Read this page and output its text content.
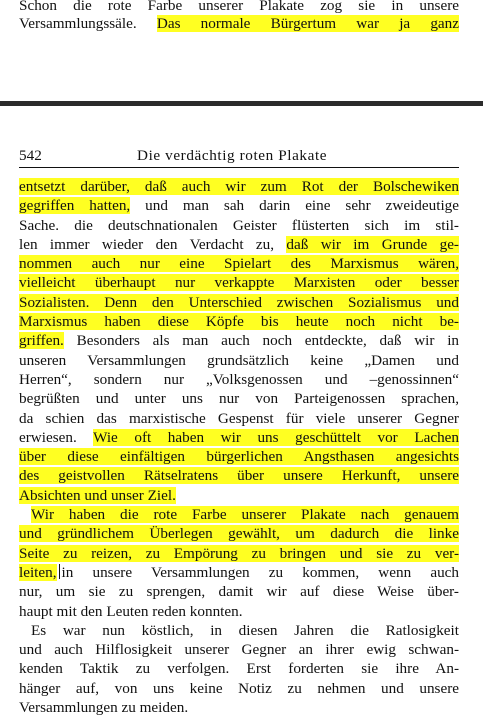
Schon die rote Farbe unserer Plakate zog sie in unsere
Versammlungssäle. Das normale Bürgertum war ja ganz
542	Die verdächtig roten Plakate
entsetzt darüber, daß auch wir zum Rot der Bolschewiken
gegriffen hatten, und man sah darin eine sehr zweideutige
Sache. die deutschnationalen Geister flüsterten sich im stil-
len immer wieder den Verdacht zu, daß wir im Grunde ge-
nommen auch nur eine Spielart des Marxismus wären,
vielleicht überhaupt nur verkappte Marxisten oder besser
Sozialisten. Denn den Unterschied zwischen Sozialismus und
Marxismus haben diese Köpfe bis heute noch nicht be-
griffen. Besonders als man auch noch entdeckte, daß wir in
unseren Versammlungen grundsätzlich keine „Damen und
Herren“, sondern nur „Volksgenossen und –genossinnen“
begrüßten und unter uns nur von Parteigenossen sprachen,
da schien das marxistische Gespenst für viele unserer Gegner
erwiesen. Wie oft haben wir uns geschüttelt vor Lachen
über diese einfältigen bürgerlichen Angsthasen angesichts
des geistvollen Rätselratens über unsere Herkunft, unsere
Absichten und unser Ziel.
Wir haben die rote Farbe unserer Plakate nach genauem
und gründlichem Überlegen gewählt, um dadurch die linke
Seite zu reizen, zu Empörung zu bringen und sie zu ver-
leiten, in unsere Versammlungen zu kommen, wenn auch
nur, um sie zu sprengen, damit wir auf diese Weise über-
haupt mit den Leuten reden konnten.
Es war nun köstlich, in diesen Jahren die Ratlosigkeit
und auch Hilflosigkeit unserer Gegner an ihrer ewig schwan-
kenden Taktik zu verfolgen. Erst forderten sie ihre An-
hänger auf, von uns keine Notiz zu nehmen und unsere
Versammlungen zu meiden.
